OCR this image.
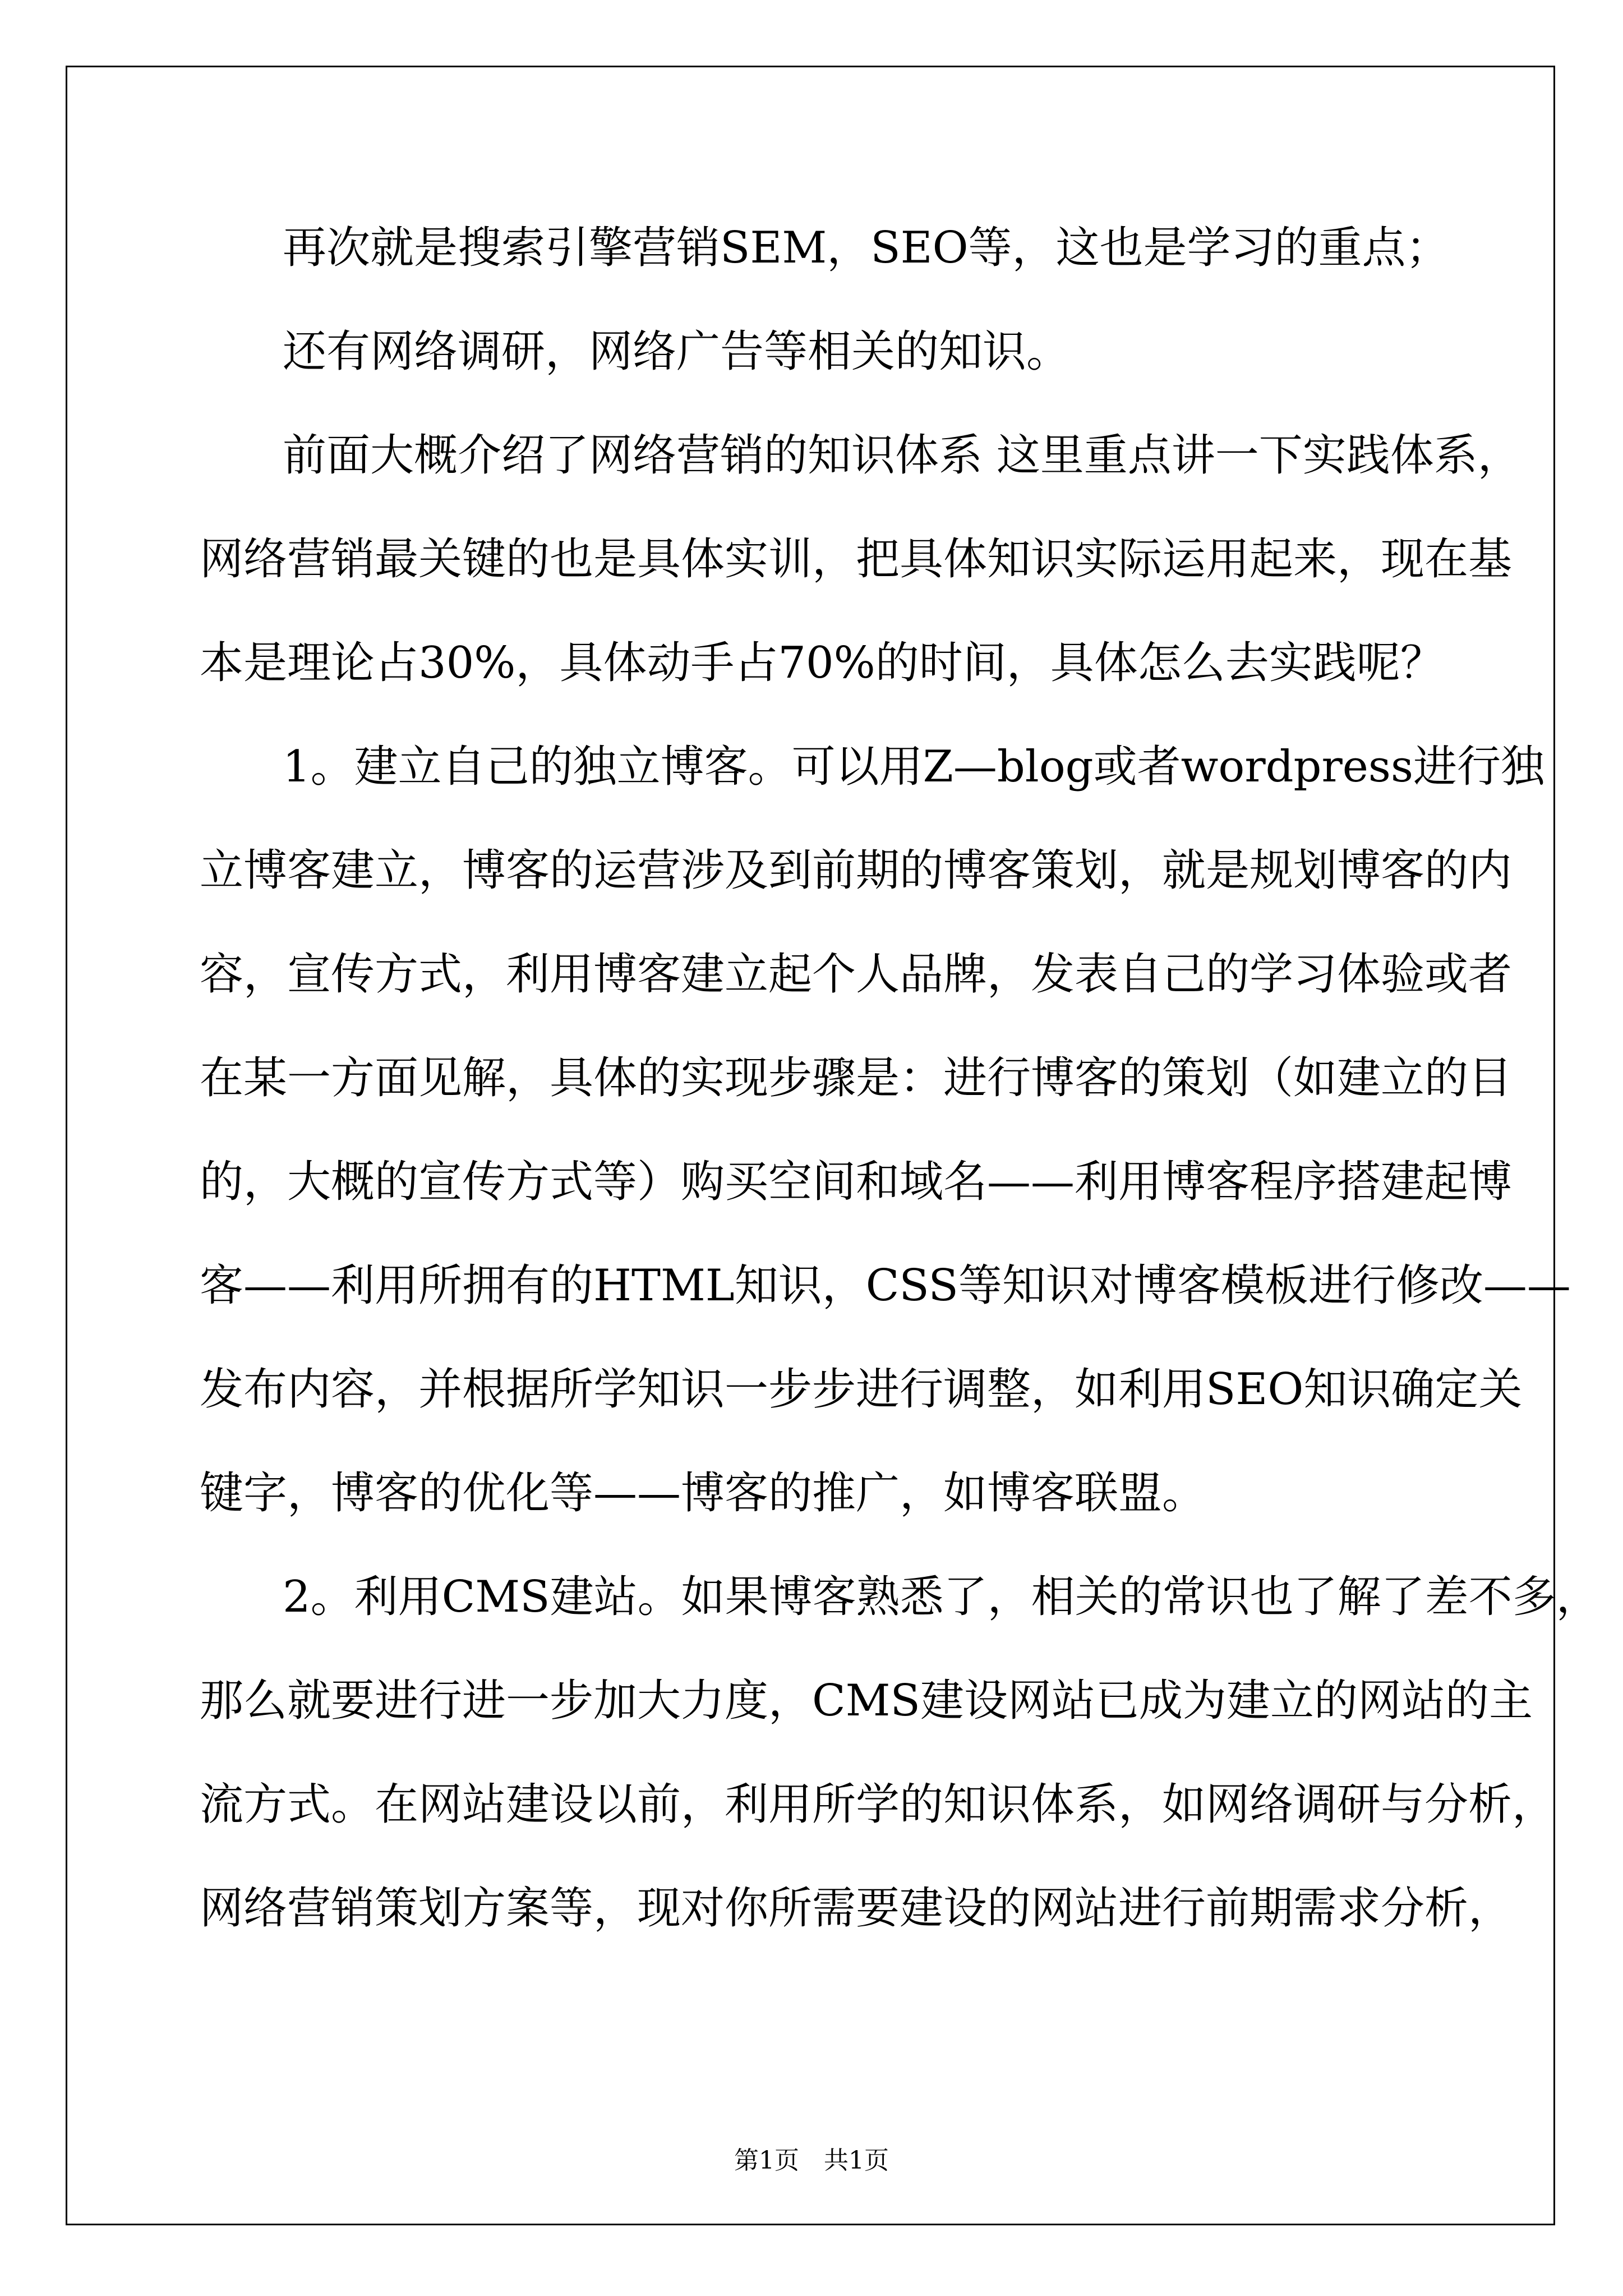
再次就是搜索引擎营销SEM，SEO等，这也是学习的重点；
还有网络调研，网络广告等相关的知识。
前面大概介绍了网络营销的知识体系 这里重点讲一下实践体系，
网络营销最关键的也是具体实训，把具体知识实际运用起来，现在基
本是理论占30%，具体动手占70%的时间，具体怎么去实践呢？
1。建立自己的独立博客。可以用Z—blog或者wordpress进行独
立博客建立，博客的运营涉及到前期的博客策划，就是规划博客的内
容，宣传方式，利用博客建立起个人品牌，发表自己的学习体验或者
在某一方面见解，具体的实现步骤是：进行博客的策划（如建立的目
的，大概的宣传方式等）购买空间和域名——利用博客程序搭建起博
客——利用所拥有的HTML知识，CSS等知识对博客模板进行修改——
发布内容，并根据所学知识一步步进行调整，如利用SEO知识确定关
键字，博客的优化等——博客的推广，如博客联盟。
2。利用CMS建站。如果博客熟悉了，相关的常识也了解了差不多，
那么就要进行进一步加大力度，CMS建设网站已成为建立的网站的主
流方式。在网站建设以前，利用所学的知识体系，如网络调研与分析，
网络营销策划方案等，现对你所需要建设的网站进行前期需求分析，
第1页　共1页
